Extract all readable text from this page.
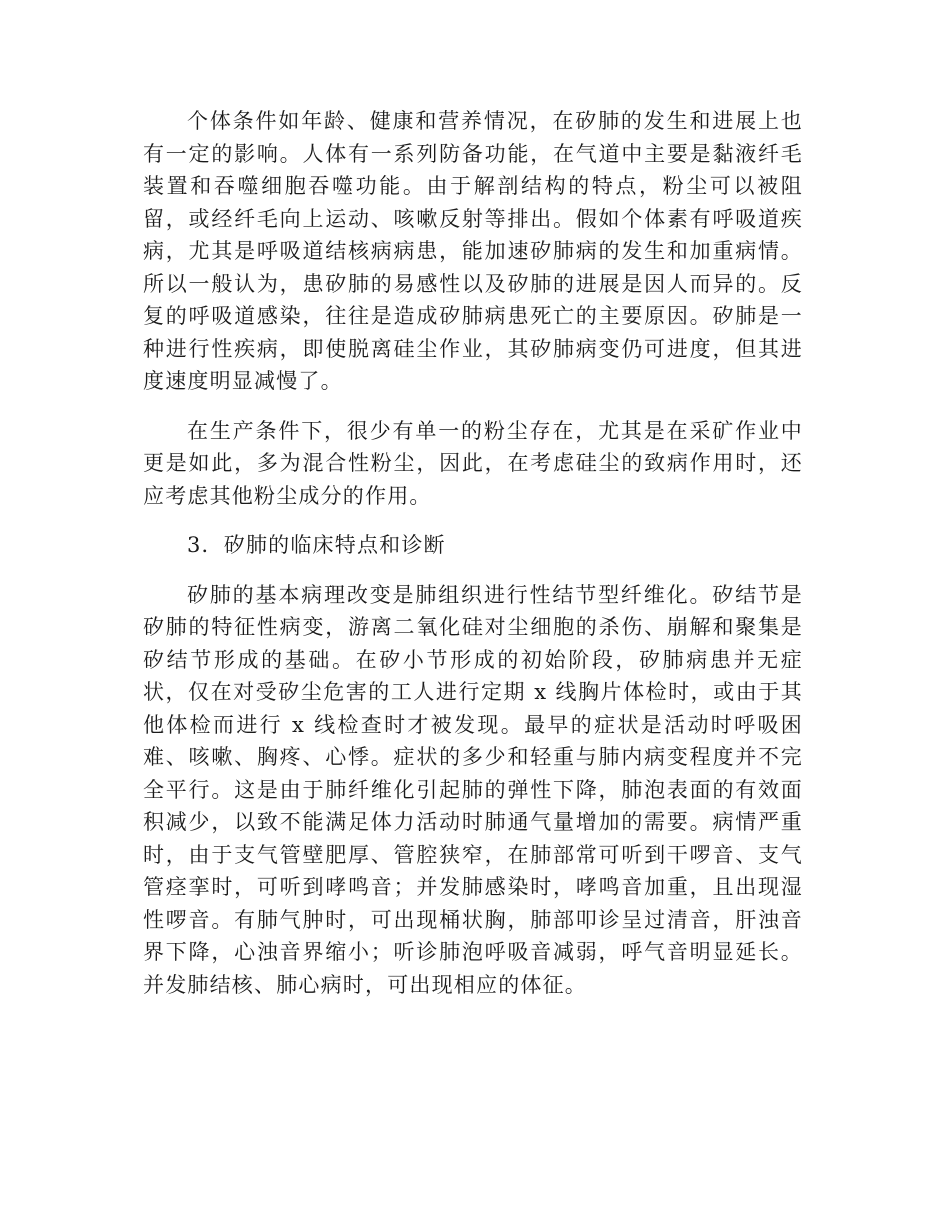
个体条件如年龄、健康和营养情况，在矽肺的发生和进展上也有一定的影响。人体有一系列防备功能，在气道中主要是黏液纤毛装置和吞噬细胞吞噬功能。由于解剖结构的特点，粉尘可以被阻留，或经纤毛向上运动、咳嗽反射等排出。假如个体素有呼吸道疾病，尤其是呼吸道结核病病患，能加速矽肺病的发生和加重病情。所以一般认为，患矽肺的易感性以及矽肺的进展是因人而异的。反复的呼吸道感染，往往是造成矽肺病患死亡的主要原因。矽肺是一种进行性疾病，即使脱离硅尘作业，其矽肺病变仍可进度，但其进度速度明显减慢了。

在生产条件下，很少有单一的粉尘存在，尤其是在采矿作业中更是如此，多为混合性粉尘，因此，在考虑硅尘的致病作用时，还应考虑其他粉尘成分的作用。

3．矽肺的临床特点和诊断

矽肺的基本病理改变是肺组织进行性结节型纤维化。矽结节是矽肺的特征性病变，游离二氧化硅对尘细胞的杀伤、崩解和聚集是矽结节形成的基础。在矽小节形成的初始阶段，矽肺病患并无症状，仅在对受矽尘危害的工人进行定期 x 线胸片体检时，或由于其他体检而进行 x 线检查时才被发现。最早的症状是活动时呼吸困难、咳嗽、胸疼、心悸。症状的多少和轻重与肺内病变程度并不完全平行。这是由于肺纤维化引起肺的弹性下降，肺泡表面的有效面积减少，以致不能满足体力活动时肺通气量增加的需要。病情严重时，由于支气管壁肥厚、管腔狭窄，在肺部常可听到干啰音、支气管痉挛时，可听到哮鸣音；并发肺感染时，哮鸣音加重，且出现湿性啰音。有肺气肿时，可出现桶状胸，肺部叩诊呈过清音，肝浊音界下降，心浊音界缩小；听诊肺泡呼吸音减弱，呼气音明显延长。并发肺结核、肺心病时，可出现相应的体征。
